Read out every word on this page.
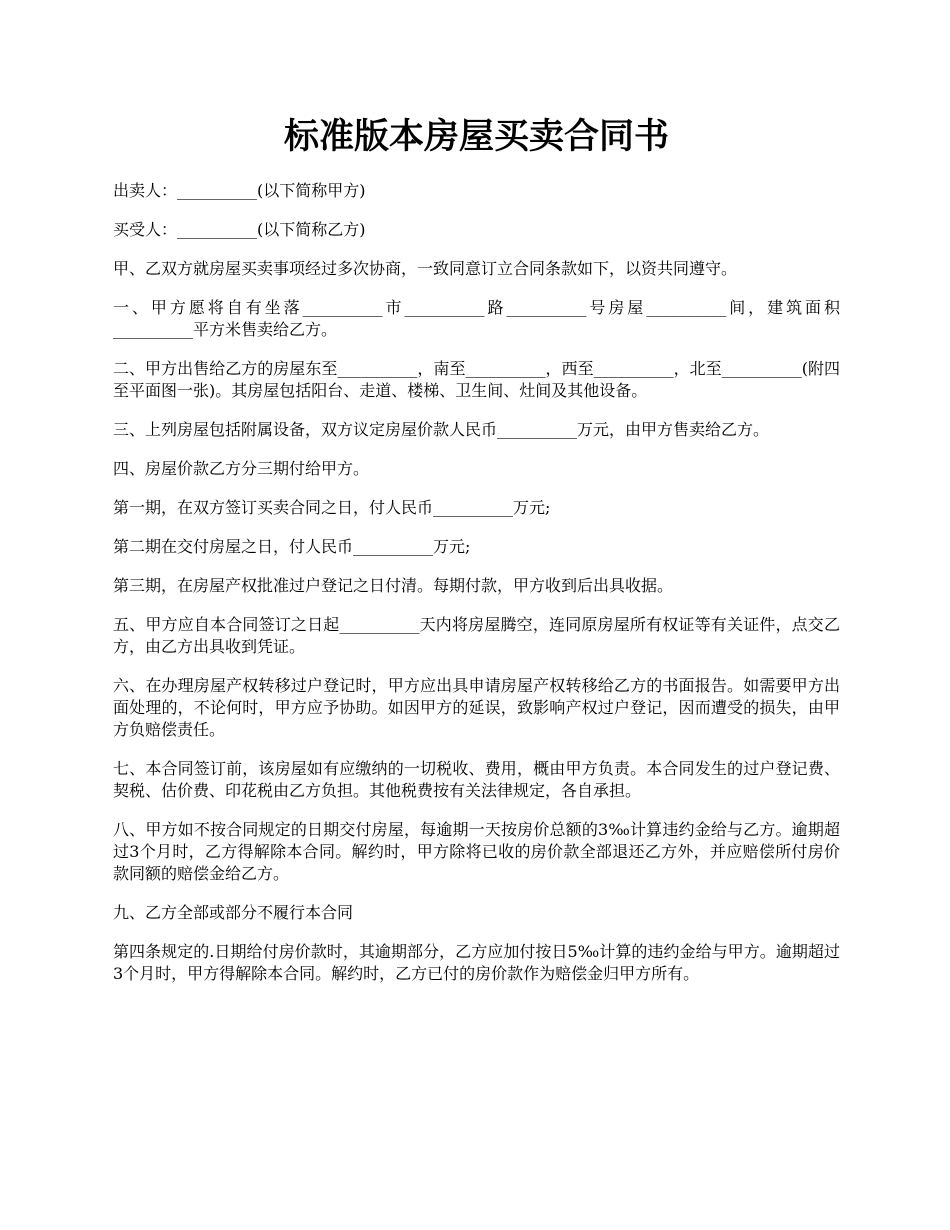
标准版本房屋买卖合同书

出卖人：__________(以下简称甲方)

买受人：__________(以下简称乙方)

甲、乙双方就房屋买卖事项经过多次协商，一致同意订立合同条款如下，以资共同遵守。

一、甲方愿将自有坐落__________市__________路__________号房屋__________间，建筑面积__________平方米售卖给乙方。

二、甲方出售给乙方的房屋东至__________，南至__________，西至__________，北至__________(附四至平面图一张)。其房屋包括阳台、走道、楼梯、卫生间、灶间及其他设备。

三、上列房屋包括附属设备，双方议定房屋价款人民币__________万元，由甲方售卖给乙方。

四、房屋价款乙方分三期付给甲方。

第一期，在双方签订买卖合同之日，付人民币__________万元;

第二期在交付房屋之日，付人民币__________万元;

第三期，在房屋产权批准过户登记之日付清。每期付款，甲方收到后出具收据。

五、甲方应自本合同签订之日起__________天内将房屋腾空，连同原房屋所有权证等有关证件，点交乙方，由乙方出具收到凭证。

六、在办理房屋产权转移过户登记时，甲方应出具申请房屋产权转移给乙方的书面报告。如需要甲方出面处理的，不论何时，甲方应予协助。如因甲方的延误，致影响产权过户登记，因而遭受的损失，由甲方负赔偿责任。

七、本合同签订前，该房屋如有应缴纳的一切税收、费用，概由甲方负责。本合同发生的过户登记费、契税、估价费、印花税由乙方负担。其他税费按有关法律规定，各自承担。

八、甲方如不按合同规定的日期交付房屋，每逾期一天按房价总额的3‰计算违约金给与乙方。逾期超过3个月时，乙方得解除本合同。解约时，甲方除将已收的房价款全部退还乙方外，并应赔偿所付房价款同额的赔偿金给乙方。

九、乙方全部或部分不履行本合同

第四条规定的.日期给付房价款时，其逾期部分，乙方应加付按日5‰计算的违约金给与甲方。逾期超过3个月时，甲方得解除本合同。解约时，乙方已付的房价款作为赔偿金归甲方所有。
